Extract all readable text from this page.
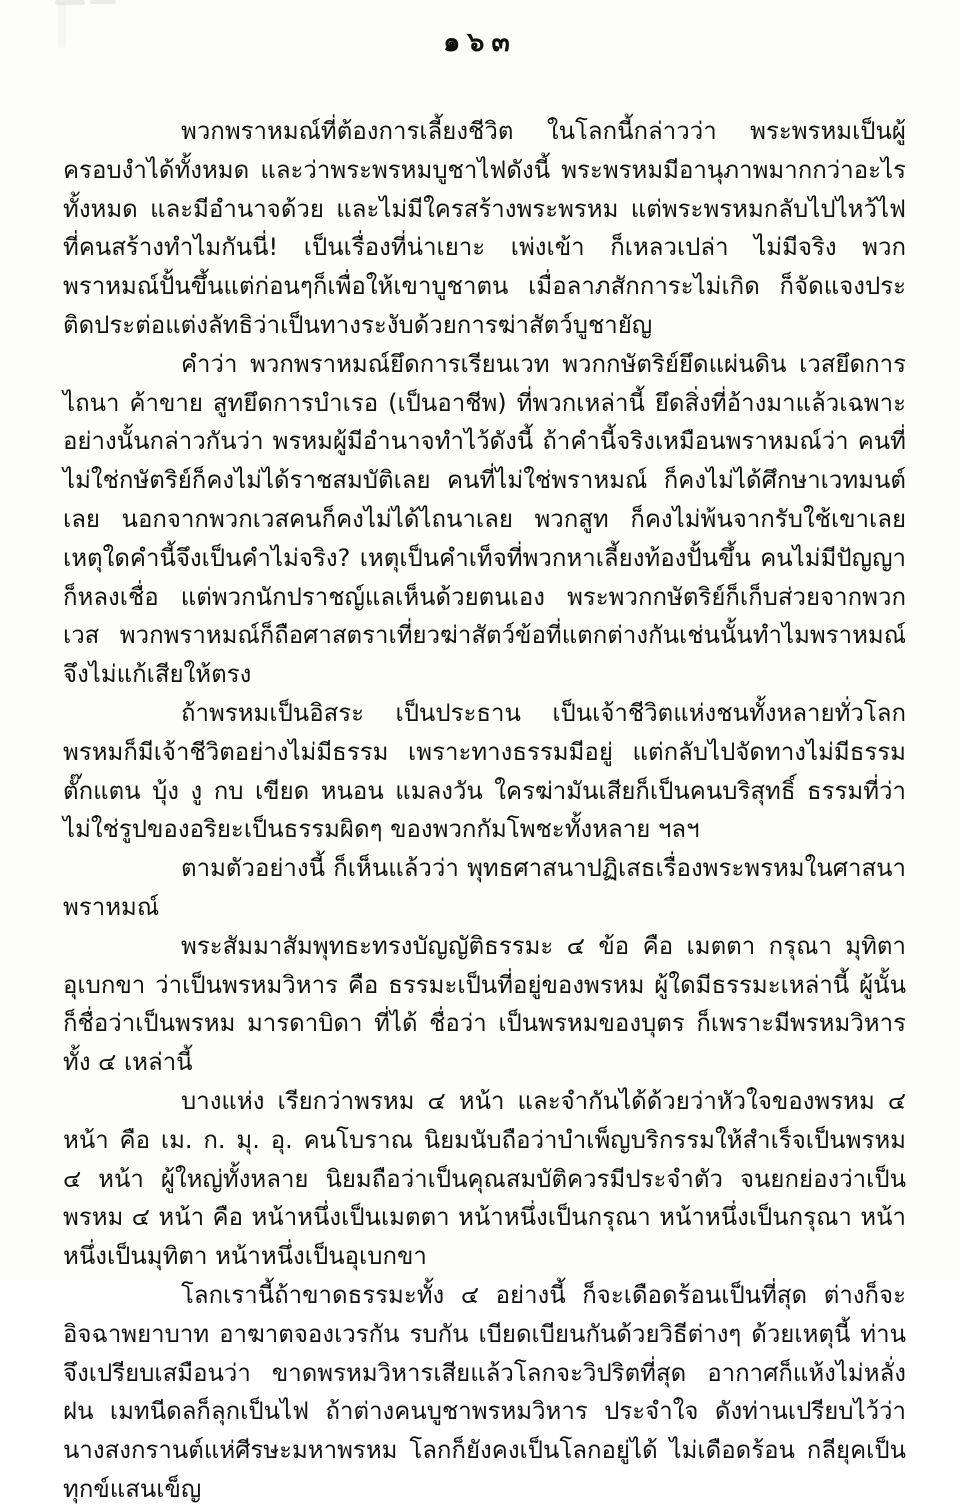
๑๖๓

พวกพราหมณ์ที่ต้องการเลี้ยงชีวิต ในโลกนี้กล่าวว่า พระพรหมเป็นผู้ครอบงำได้ทั้งหมด และว่าพระพรหมบูชาไฟดังนี้ พระพรหมมีอานุภาพมากกว่าอะไรทั้งหมด และมีอำนาจด้วย และไม่มีใครสร้างพระพรหม แต่พระพรหมกลับไปไหว้ไฟที่คนสร้างทำไมกันนี่! เป็นเรื่องที่น่าเยาะ เพ่งเข้า ก็เหลวเปล่า ไม่มีจริง พวกพราหมณ์ปั้นขึ้นแต่ก่อนๆก็เพื่อให้เขาบูชาตน เมื่อลาภสักการะไม่เกิด ก็จัดแจงประติดประต่อแต่งลัทธิว่าเป็นทางระงับด้วยการฆ่าสัตว์บูชายัญ

คำว่า พวกพราหมณ์ยึดการเรียนเวท พวกกษัตริย์ยึดแผ่นดิน เวสยึดการไถนา ค้าขาย สูทยึดการบำเรอ (เป็นอาชีพ) ที่พวกเหล่านี้ ยึดสิ่งที่อ้างมาแล้วเฉพาะอย่างนั้นกล่าวกันว่า พรหมผู้มีอำนาจทำไว้ดังนี้ ถ้าคำนี้จริงเหมือนพราหมณ์ว่า คนที่ไม่ใช่กษัตริย์ก็คงไม่ได้ราชสมบัติเลย คนที่ไม่ใช่พราหมณ์ ก็คงไม่ได้ศึกษาเวทมนต์เลย นอกจากพวกเวสคนก็คงไม่ได้ไถนาเลย พวกสูท ก็คงไม่พ้นจากรับใช้เขาเลย เหตุใดคำนี้จึงเป็นคำไม่จริง? เหตุเป็นคำเท็จที่พวกหาเลี้ยงท้องปั้นขึ้น คนไม่มีปัญญาก็หลงเชื่อ แต่พวกนักปราชญ์แลเห็นด้วยตนเอง พระพวกกษัตริย์ก็เก็บส่วยจากพวกเวส พวกพราหมณ์ก็ถือศาสตราเที่ยวฆ่าสัตว์ข้อที่แตกต่างกันเช่นนั้นทำไมพราหมณ์จึงไม่แก้เสียให้ตรง

ถ้าพรหมเป็นอิสระ เป็นประธาน เป็นเจ้าชีวิตแห่งชนทั้งหลายทั่วโลก พรหมก็มีเจ้าชีวิตอย่างไม่มีธรรม เพราะทางธรรมมีอยู่ แต่กลับไปจัดทางไม่มีธรรม ตั๊กแตน บุ้ง งู กบ เขียด หนอน แมลงวัน ใครฆ่ามันเสียก็เป็นคนบริสุทธิ์ ธรรมที่ว่าไม่ใช่รูปของอริยะเป็นธรรมผิดๆ ของพวกกัมโพชะทั้งหลาย ฯลฯ

ตามตัวอย่างนี้ ก็เห็นแล้วว่า พุทธศาสนาปฏิเสธเรื่องพระพรหมในศาสนาพราหมณ์

พระสัมมาสัมพุทธะทรงบัญญัติธรรมะ ๔ ข้อ คือ เมตตา กรุณา มุทิตา อุเบกขา ว่าเป็นพรหมวิหาร คือ ธรรมะเป็นที่อยู่ของพรหม ผู้ใดมีธรรมะเหล่านี้ ผู้นั้นก็ชื่อว่าเป็นพรหม มารดาบิดา ที่ได้ ชื่อว่า เป็นพรหมของบุตร ก็เพราะมีพรหมวิหารทั้ง ๔ เหล่านี้

บางแห่ง เรียกว่าพรหม ๔ หน้า และจำกันได้ด้วยว่าหัวใจของพรหม ๔ หน้า คือ เม. ก. มุ. อุ. คนโบราณ นิยมนับถือว่าบำเพ็ญบริกรรมให้สำเร็จเป็นพรหม ๔ หน้า ผู้ใหญ่ทั้งหลาย นิยมถือว่าเป็นคุณสมบัติควรมีประจำตัว จนยกย่องว่าเป็นพรหม ๔ หน้า คือ หน้าหนึ่งเป็นเมตตา หน้าหนึ่งเป็นกรุณา หน้าหนึ่งเป็นกรุณา หน้าหนึ่งเป็นมุทิตา หน้าหนึ่งเป็นอุเบกขา

โลกเรานี้ถ้าขาดธรรมะทั้ง ๔ อย่างนี้ ก็จะเดือดร้อนเป็นที่สุด ต่างก็จะอิจฉาพยาบาท อาฆาตจองเวรกัน รบกัน เบียดเบียนกันด้วยวิธีต่างๆ ด้วยเหตุนี้ ท่านจึงเปรียบเสมือนว่า ขาดพรหมวิหารเสียแล้วโลกจะวิปริตที่สุด อากาศก็แห้งไม่หลั่งฝน เมทนีดลก็ลุกเป็นไฟ ถ้าต่างคนบูชาพรหมวิหาร ประจำใจ ดังท่านเปรียบไว้ว่า นางสงกรานต์แห่ศีรษะมหาพรหม โลกก็ยังคงเป็นโลกอยู่ได้ ไม่เดือดร้อน กลียุคเป็นทุกข์แสนเข็ญ
